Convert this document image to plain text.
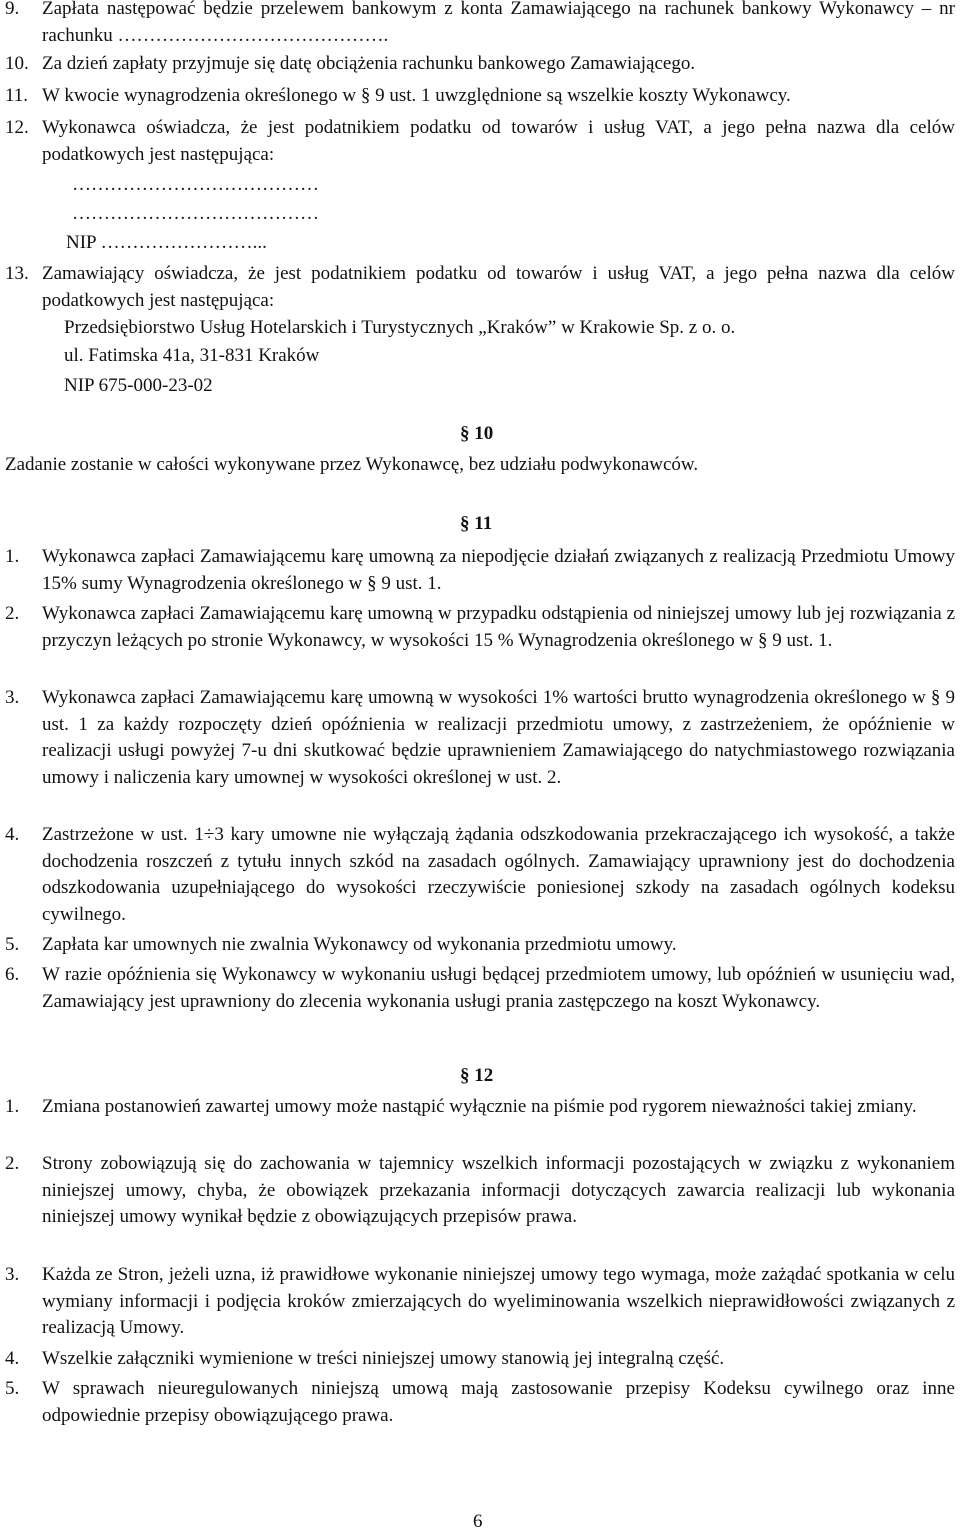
9. Zapłata następować będzie przelewem bankowym z konta Zamawiającego na rachunek bankowy Wykonawcy – nr rachunku …………………………………….
10. Za dzień zapłaty przyjmuje się datę obciążenia rachunku bankowego Zamawiającego.
11. W kwocie wynagrodzenia określonego w § 9 ust. 1 uwzględnione są wszelkie koszty Wykonawcy.
12. Wykonawca oświadcza, że jest podatnikiem podatku od towarów i usług VAT, a jego pełna nazwa dla celów podatkowych jest następująca:
…………………………………
…………………………………
NIP ……………………...
13. Zamawiający oświadcza, że jest podatnikiem podatku od towarów i usług VAT, a jego pełna nazwa dla celów podatkowych jest następująca:
Przedsiębiorstwo Usług Hotelarskich i Turystycznych „Kraków” w Krakowie Sp. z o. o.
ul. Fatimska 41a, 31-831 Kraków
NIP 675-000-23-02
§ 10
Zadanie zostanie w całości wykonywane przez Wykonawcę, bez udziału podwykonawców.
§ 11
1. Wykonawca zapłaci Zamawiającemu karę umowną za niepodjęcie działań związanych z realizacją Przedmiotu Umowy 15% sumy Wynagrodzenia określonego w § 9 ust. 1.
2. Wykonawca zapłaci Zamawiającemu karę umowną w przypadku odstąpienia od niniejszej umowy lub jej rozwiązania z przyczyn leżących po stronie Wykonawcy, w wysokości 15 % Wynagrodzenia określonego w § 9 ust. 1.
3. Wykonawca zapłaci Zamawiającemu karę umowną w wysokości 1% wartości brutto wynagrodzenia określonego w § 9 ust. 1 za każdy rozpoczęty dzień opóźnienia w realizacji przedmiotu umowy, z zastrzeżeniem, że opóźnienie w realizacji usługi powyżej 7-u dni skutkować będzie uprawnieniem Zamawiającego do natychmiastowego rozwiązania umowy i naliczenia kary umownej w wysokości określonej w ust. 2.
4. Zastrzeżone w ust. 1÷3 kary umowne nie wyłączają żądania odszkodowania przekraczającego ich wysokość, a także dochodzenia roszczeń z tytułu innych szkód na zasadach ogólnych. Zamawiający uprawniony jest do dochodzenia odszkodowania uzupełniającego do wysokości rzeczywiście poniesionej szkody na zasadach ogólnych kodeksu cywilnego.
5. Zapłata kar umownych nie zwalnia Wykonawcy od wykonania przedmiotu umowy.
6. W razie opóźnienia się Wykonawcy w wykonaniu usługi będącej przedmiotem umowy, lub opóźnień w usunięciu wad, Zamawiający jest uprawniony do zlecenia wykonania usługi prania zastępczego na koszt Wykonawcy.
§ 12
1. Zmiana postanowień zawartej umowy może nastąpić wyłącznie na piśmie pod rygorem nieważności takiej zmiany.
2. Strony zobowiązują się do zachowania w tajemnicy wszelkich informacji pozostających w związku z wykonaniem niniejszej umowy, chyba, że obowiązek przekazania informacji dotyczących zawarcia realizacji lub wykonania niniejszej umowy wynikał będzie z obowiązujących przepisów prawa.
3. Każda ze Stron, jeżeli uzna, iż prawidłowe wykonanie niniejszej umowy tego wymaga, może zażądać spotkania w celu wymiany informacji i podjęcia kroków zmierzających do wyeliminowania wszelkich nieprawidłowości związanych z realizacją Umowy.
4. Wszelkie załączniki wymienione w treści niniejszej umowy stanowią jej integralną część.
5. W sprawach nieuregulowanych niniejszą umową mają zastosowanie przepisy Kodeksu cywilnego oraz inne odpowiednie przepisy obowiązującego prawa.
6
